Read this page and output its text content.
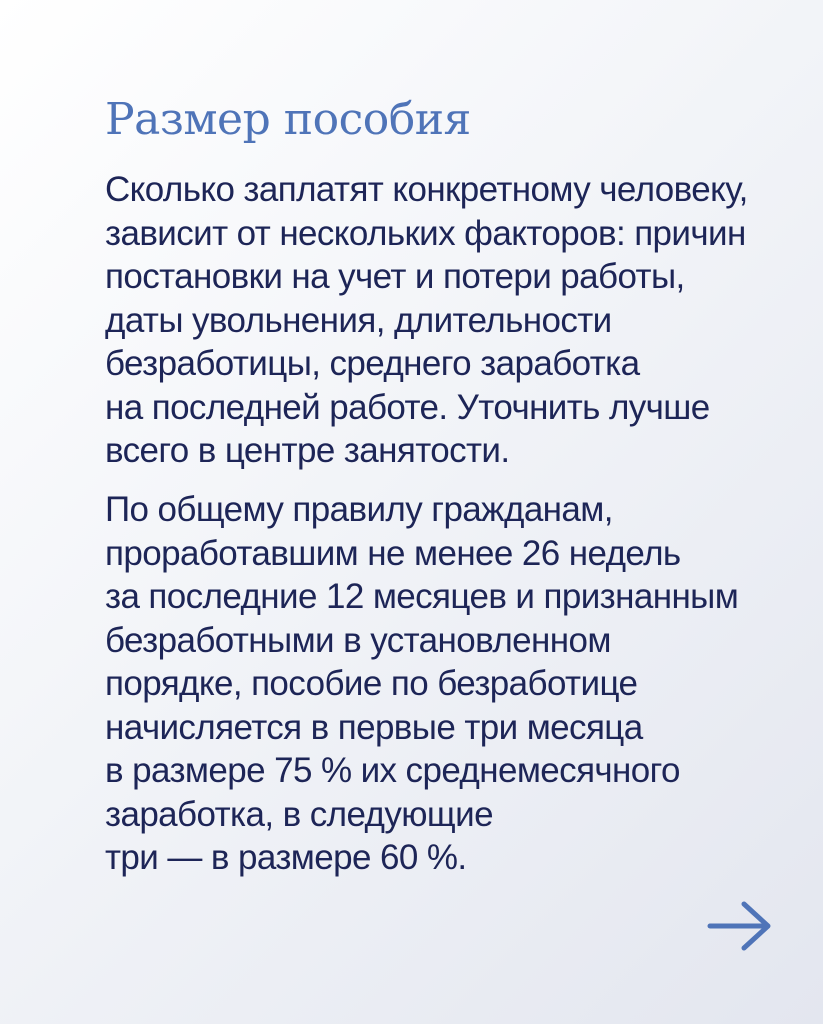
Размер пособия

Сколько заплатят конкретному человеку,
зависит от нескольких факторов: причин
постановки на учет и потери работы,
даты увольнения, длительности
безработицы, среднего заработка
на последней работе. Уточнить лучше
всего в центре занятости.

По общему правилу гражданам,
проработавшим не менее 26 недель
за последние 12 месяцев и признанным
безработными в установленном
порядке, пособие по безработице
начисляется в первые три месяца
в размере 75 % их среднемесячного
заработка, в следующие
три — в размере 60 %.
